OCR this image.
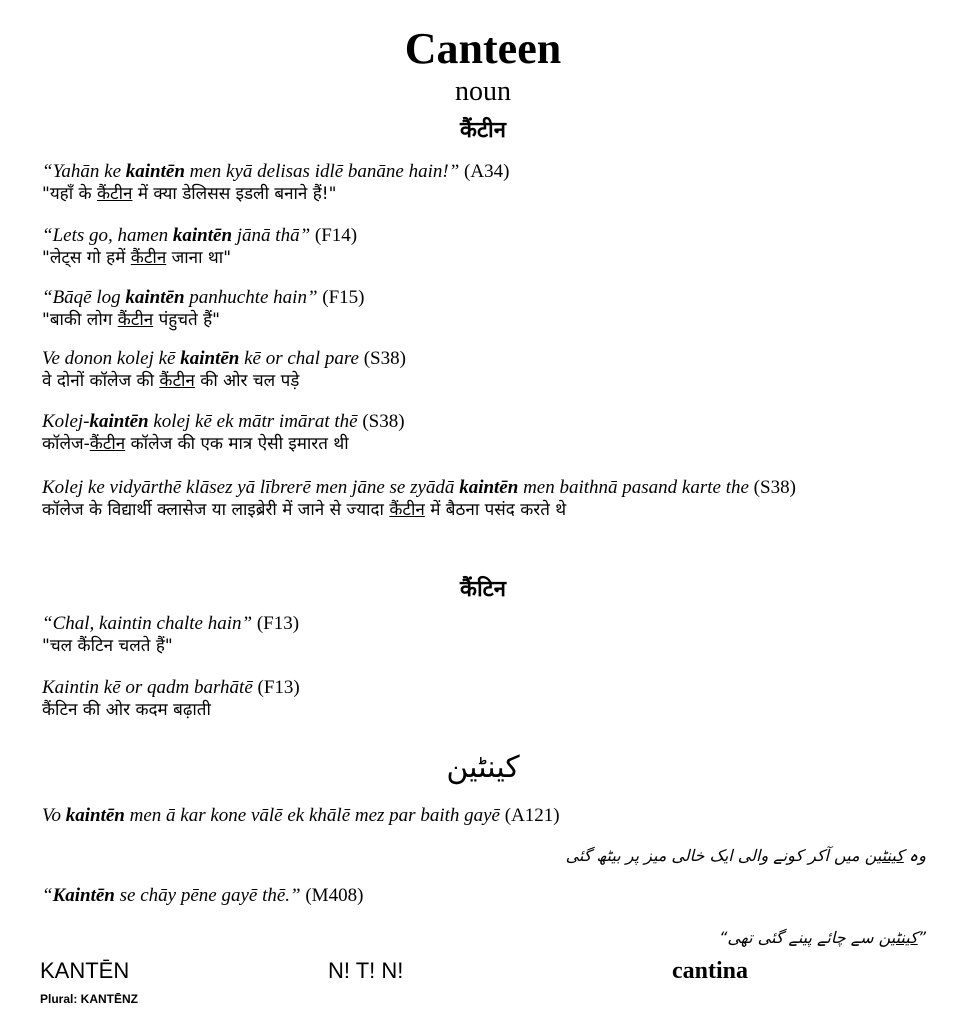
Canteen
noun
कैंटीन
“Yahān ke kaintēn men kyā delisas idlē banāne hain!” (A34)
"यहाँ के कैंटीन में क्या डेलिसस इडली बनाने हैं!"
“Lets go, hamen kaintēn jānā thā” (F14)
"लेट्स गो हमें कैंटीन जाना था"
“Bāqē log kaintēn panhuchte hain” (F15)
"बाकी लोग कैंटीन पंहुचते हैं"
Ve donon kolej kē kaintēn kē or chal pare (S38)
वे दोनों कॉलेज की कैंटीन की ओर चल पड़े
Kolej-kaintēn kolej kē ek mātr imārat thē (S38)
कॉलेज-कैंटीन कॉलेज की एक मात्र ऐसी इमारत थी
Kolej ke vidyārthē klāsez yā lībrerē men jāne se zyādā kaintēn men baithnā pasand karte the (S38)
कॉलेज के विद्यार्थी क्लासेज या लाइब्रेरी में जाने से ज्यादा कैंटीन में बैठना पसंद करते थे
कैंटिन
“Chal, kaintin chalte hain” (F13)
"चल कैंटिन चलते हैं"
Kaintin kē or qadm barhātē (F13)
कैंटिन की ओर कदम बढ़ाती
کینٹین
Vo kaintēn men ā kar kone vālē ek khālē mez par baith gayē (A121)
وہ کینٹین میں آکر کونے والی ایک خالی میز پر بیٹھ گئی
“Kaintēn se chāy pēne gayē thē.” (M408)
”کینٹین سے چائے پینے گئی تھی“
KANTĒN
Plural: KANTĒNZ
N! T! N!	cantina
